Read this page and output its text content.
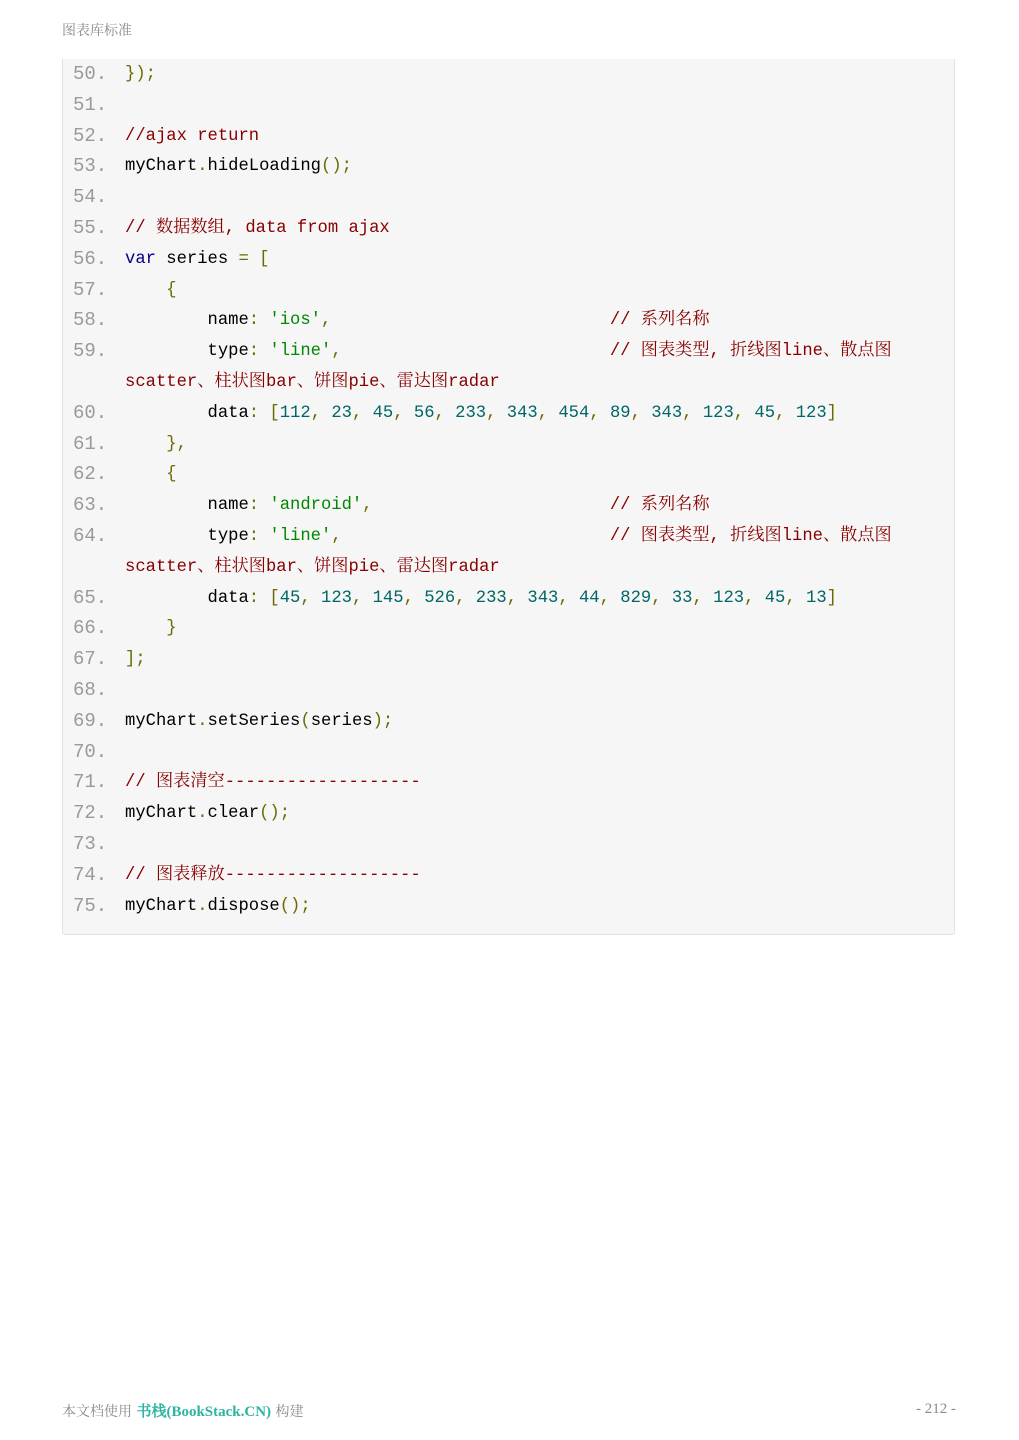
图表库标准
50.	});
51.
52.	//ajax return
53.	myChart.hideLoading();
54.
55.	// 数据数组, data from ajax
56.	var series = [
57.	{
58.	name: 'ios',	// 系列名称
59.	type: 'line',	// 图表类型, 折线图line、散点图
scatter、柱状图bar、饼图pie、雷达图radar
60.	data: [112, 23, 45, 56, 233, 343, 454, 89, 343, 123, 45, 123]
61.	},
62.	{
63.	name: 'android',	// 系列名称
64.	type: 'line',	// 图表类型, 折线图line、散点图
scatter、柱状图bar、饼图pie、雷达图radar
65.	data: [45, 123, 145, 526, 233, 343, 44, 829, 33, 123, 45, 13]
66.	}
67.	];
68.
69.	myChart.setSeries(series);
70.
71.	// 图表清空-------------------
72.	myChart.clear();
73.
74.	// 图表释放-------------------
75.	myChart.dispose();
本文档使用 书栈(BookStack.CN) 构建	- 212 -
